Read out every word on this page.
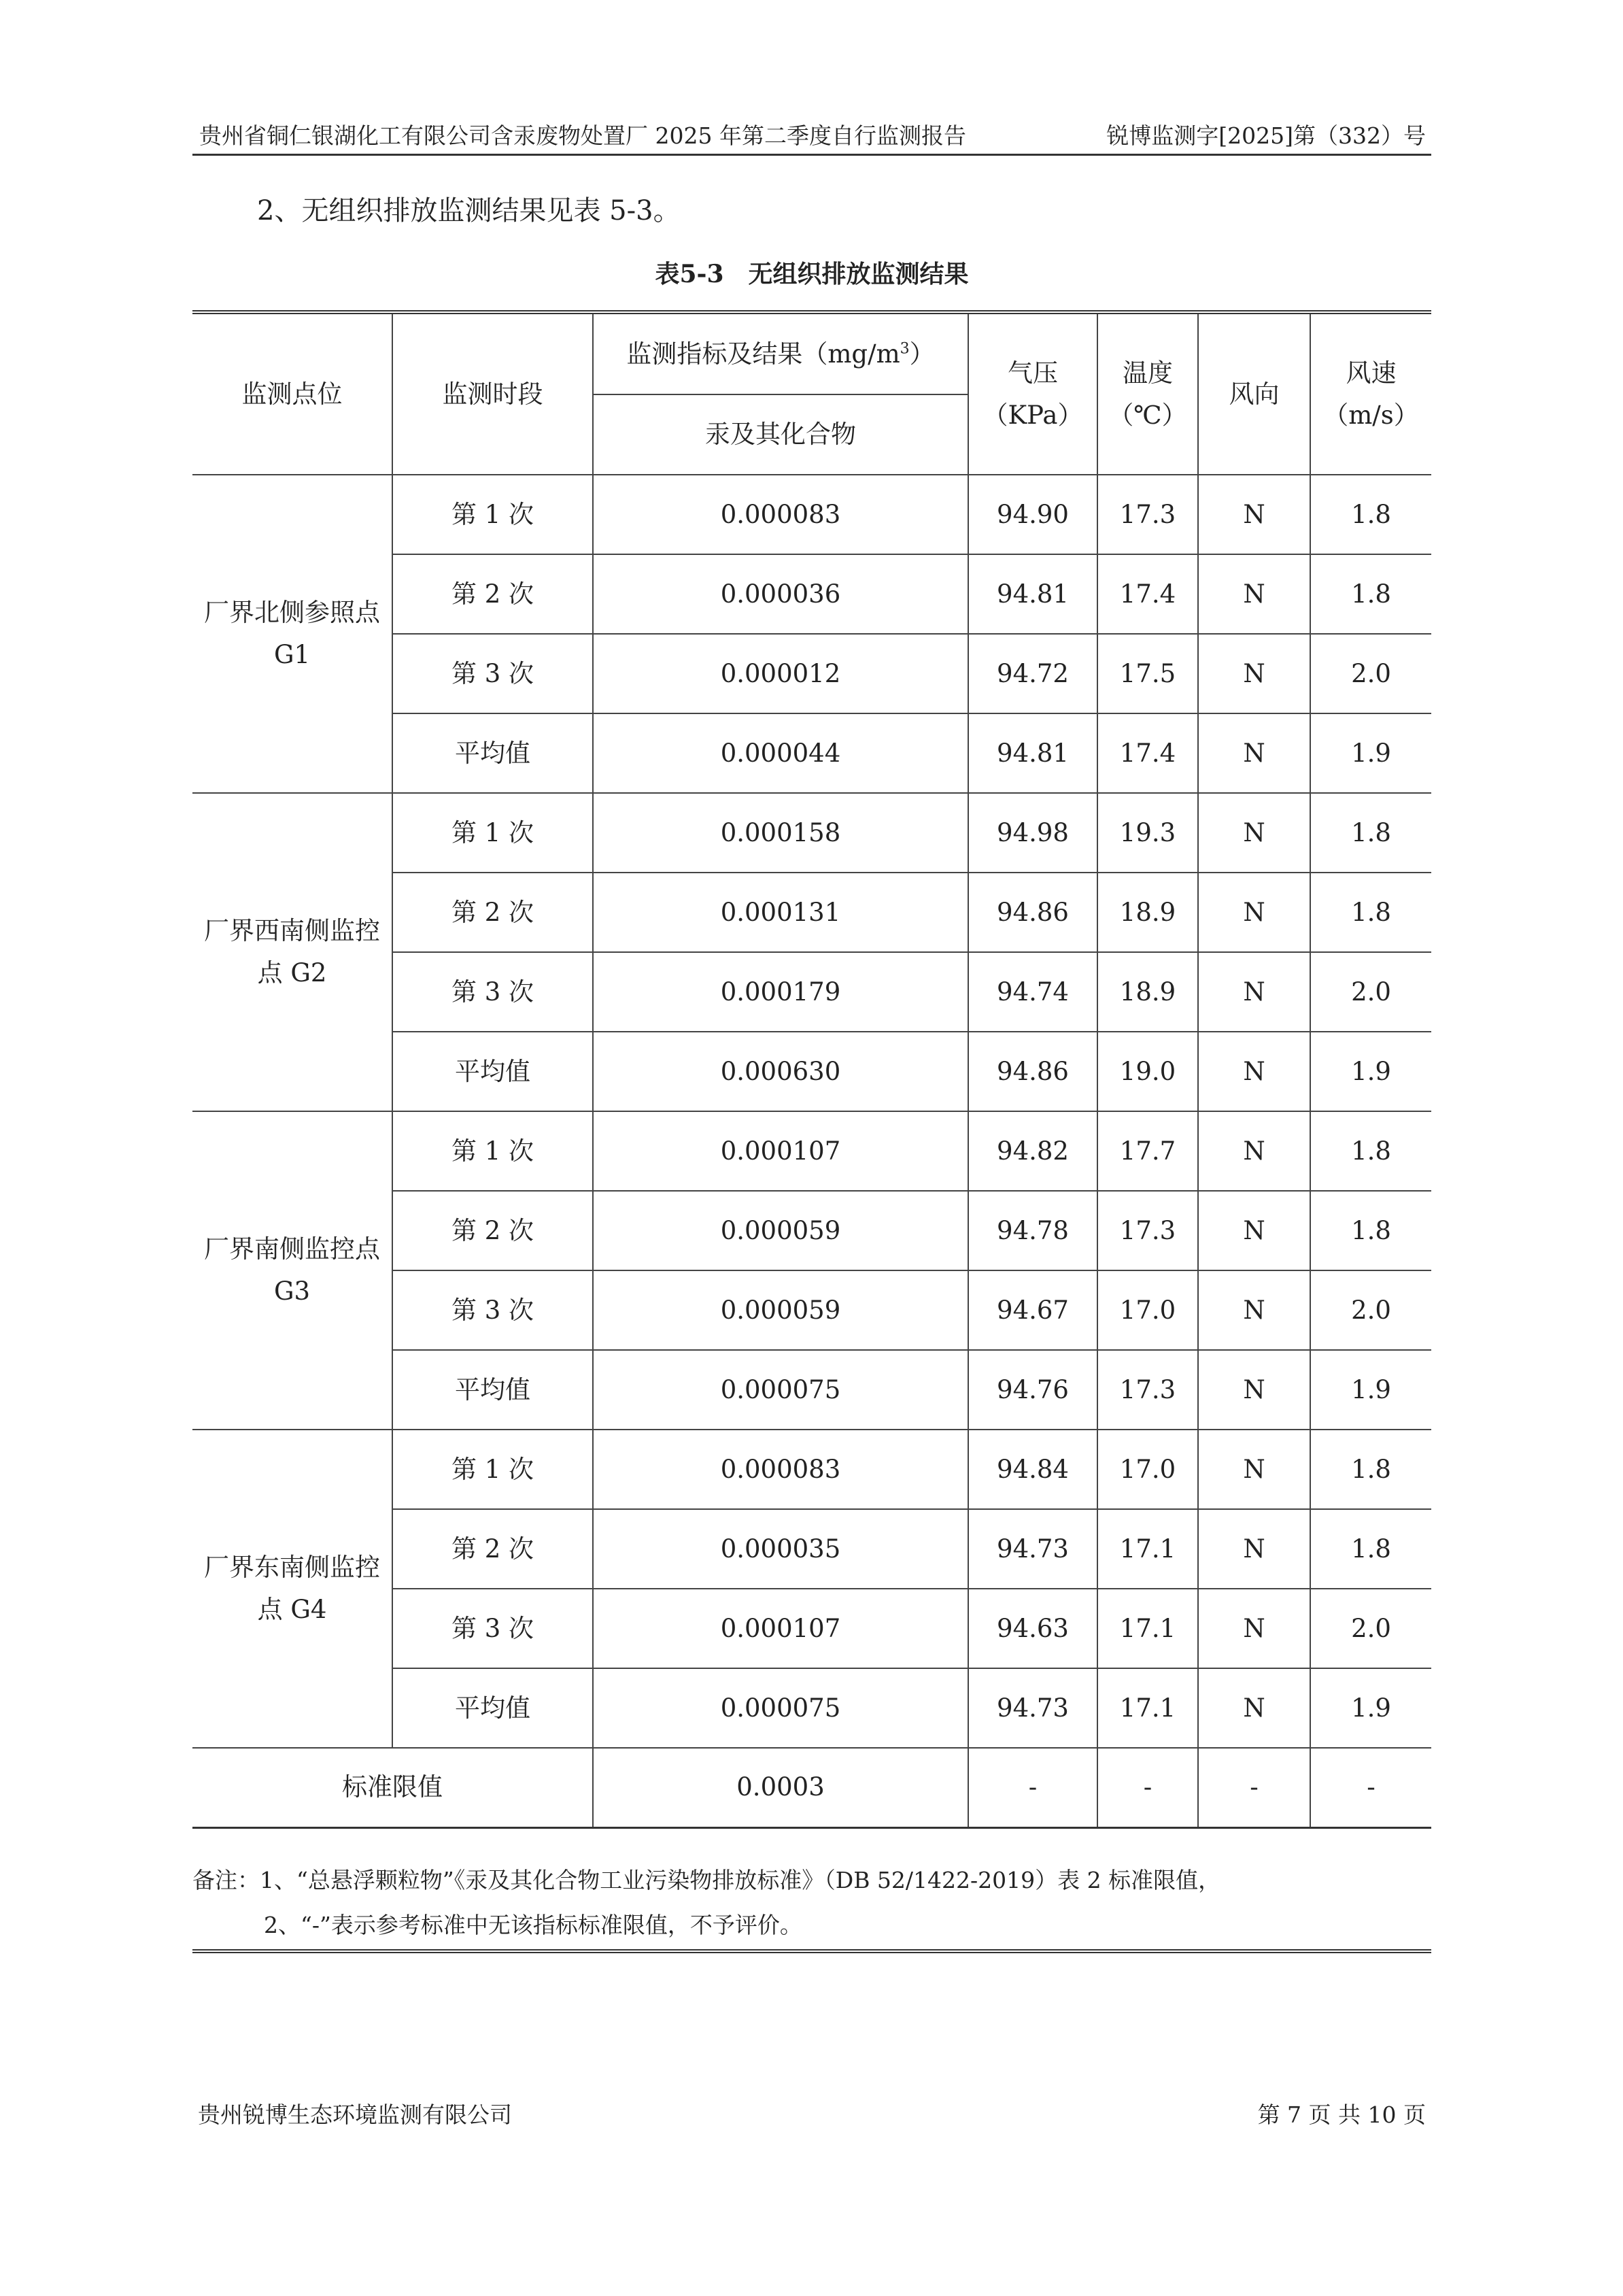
贵州省铜仁银湖化工有限公司含汞废物处置厂 2025 年第二季度自行监测报告	锐博监测字[2025]第（332）号
2、无组织排放监测结果见表 5-3。
表5-3　无组织排放监测结果
监测点位	监测时段	监测指标及结果$(mg/m^3)$	气压（KPa）	温度（℃）	风向	风速（m/s）
		汞及其化合物				
厂界北侧参照点 G1	第 1 次	0.000083	94.90	17.3	N	1.8
	第 2 次	0.000036	94.81	17.4	N	1.8
	第 3 次	0.000012	94.72	17.5	N	2.0
	平均值	0.000044	94.81	17.4	N	1.9
厂界西南侧监控点 G2	第 1 次	0.000158	94.98	19.3	N	1.8
	第 2 次	0.000131	94.86	18.9	N	1.8
	第 3 次	0.000179	94.74	18.9	N	2.0
	平均值	0.000630	94.86	19.0	N	1.9
厂界南侧监控点 G3	第 1 次	0.000107	94.82	17.7	N	1.8
	第 2 次	0.000059	94.78	17.3	N	1.8
	第 3 次	0.000059	94.67	17.0	N	2.0
	平均值	0.000075	94.76	17.3	N	1.9
厂界东南侧监控点 G4	第 1 次	0.000083	94.84	17.0	N	1.8
	第 2 次	0.000035	94.73	17.1	N	1.8
	第 3 次	0.000107	94.63	17.1	N	2.0
	平均值	0.000075	94.73	17.1	N	1.9
标准限值		0.0003	-	-	-	-
备注：1、“总悬浮颗粒物”《汞及其化合物工业污染物排放标准》（DB 52/1422-2019）表 2 标准限值，
2、“-”表示参考标准中无该指标标准限值，不予评价。
贵州锐博生态环境监测有限公司	第 7 页 共 10 页
